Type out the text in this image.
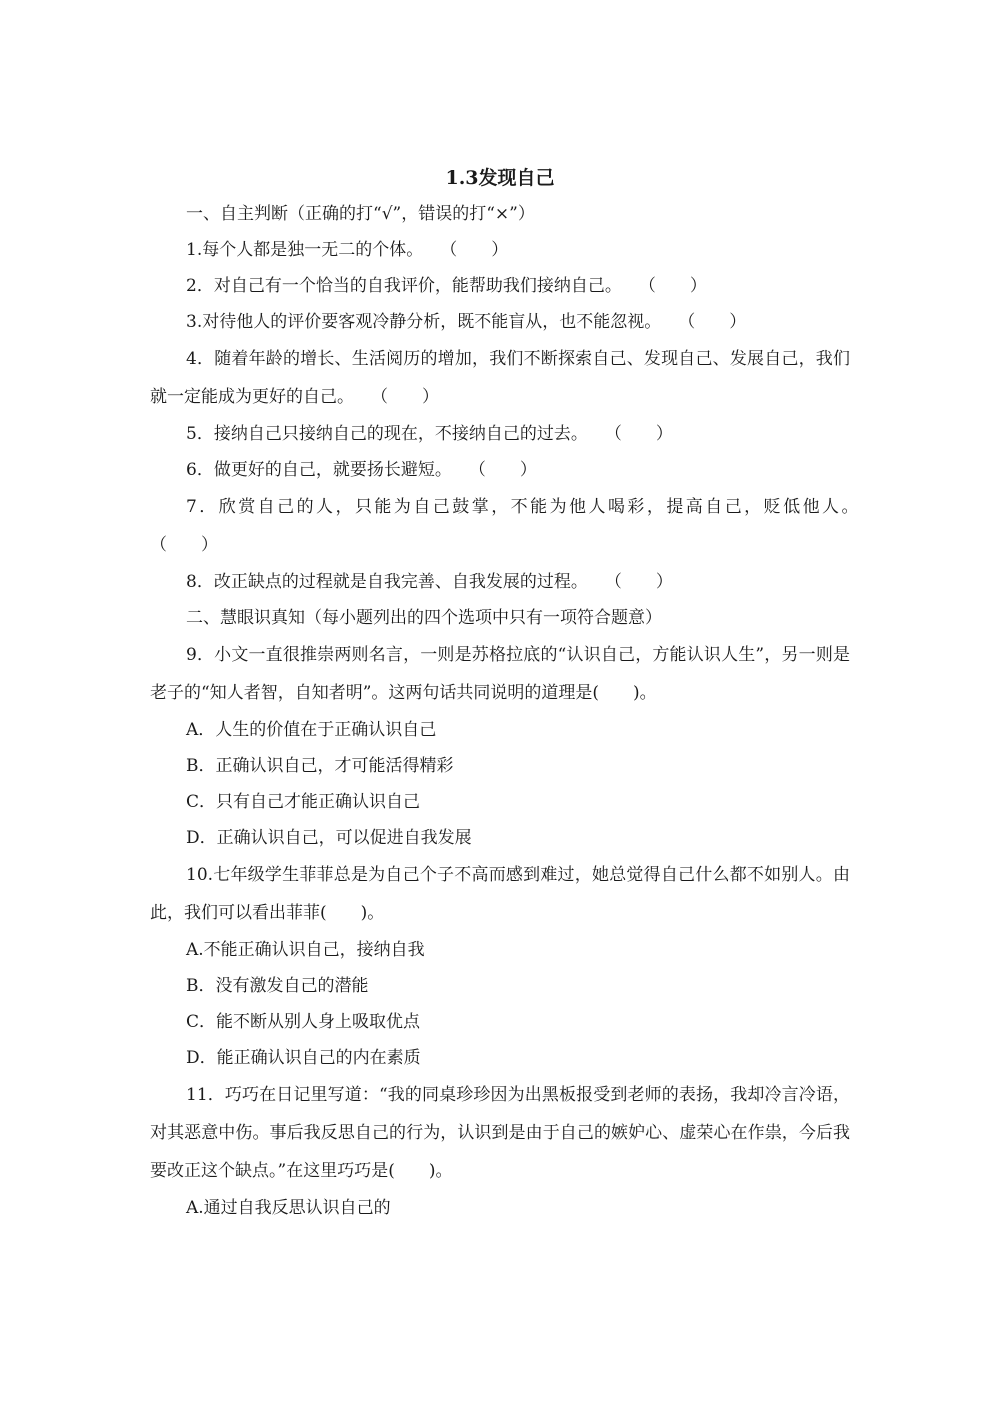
1.3发现自己
一、自主判断（正确的打“√”，错误的打“×”）
1.每个人都是独一无二的个体。　　（　　）
2．对自己有一个恰当的自我评价，能帮助我们接纳自己。　　（　　）
3.对待他人的评价要客观冷静分析，既不能盲从，也不能忽视。　　（　　）

4．随着年龄的增长、生活阅历的增加，我们不断探索自己、发现自己、发展自己，我们就一定能成为更好的自己。　　（　　）

5．接纳自己只接纳自己的现在，不接纳自己的过去。　　（　　）
6．做更好的自己，就要扬长避短。　　（　　）

7．欣赏自己的人，只能为自己鼓掌，不能为他人喝彩，提高自己，贬低他人。　　（　　）

8．改正缺点的过程就是自我完善、自我发展的过程。　　（　　）
二、慧眼识真知（每小题列出的四个选项中只有一项符合题意）

9．小文一直很推崇两则名言，一则是苏格拉底的“认识自己，方能认识人生”，另一则是老子的“知人者智，自知者明”。这两句话共同说明的道理是(　　)。

A．人生的价值在于正确认识自己
B．正确认识自己，才可能活得精彩
C．只有自己才能正确认识自己
D．正确认识自己，可以促进自我发展

10.七年级学生菲菲总是为自己个子不高而感到难过，她总觉得自己什么都不如别人。由此，我们可以看出菲菲(　　)。

A.不能正确认识自己，接纳自我
B．没有激发自己的潜能
C．能不断从别人身上吸取优点
D．能正确认识自己的内在素质

11．巧巧在日记里写道：“我的同桌珍珍因为出黑板报受到老师的表扬，我却冷言冷语，对其恶意中伤。事后我反思自己的行为，认识到是由于自己的嫉妒心、虚荣心在作祟，今后我要改正这个缺点。”在这里巧巧是(　　)。

A.通过自我反思认识自己的
